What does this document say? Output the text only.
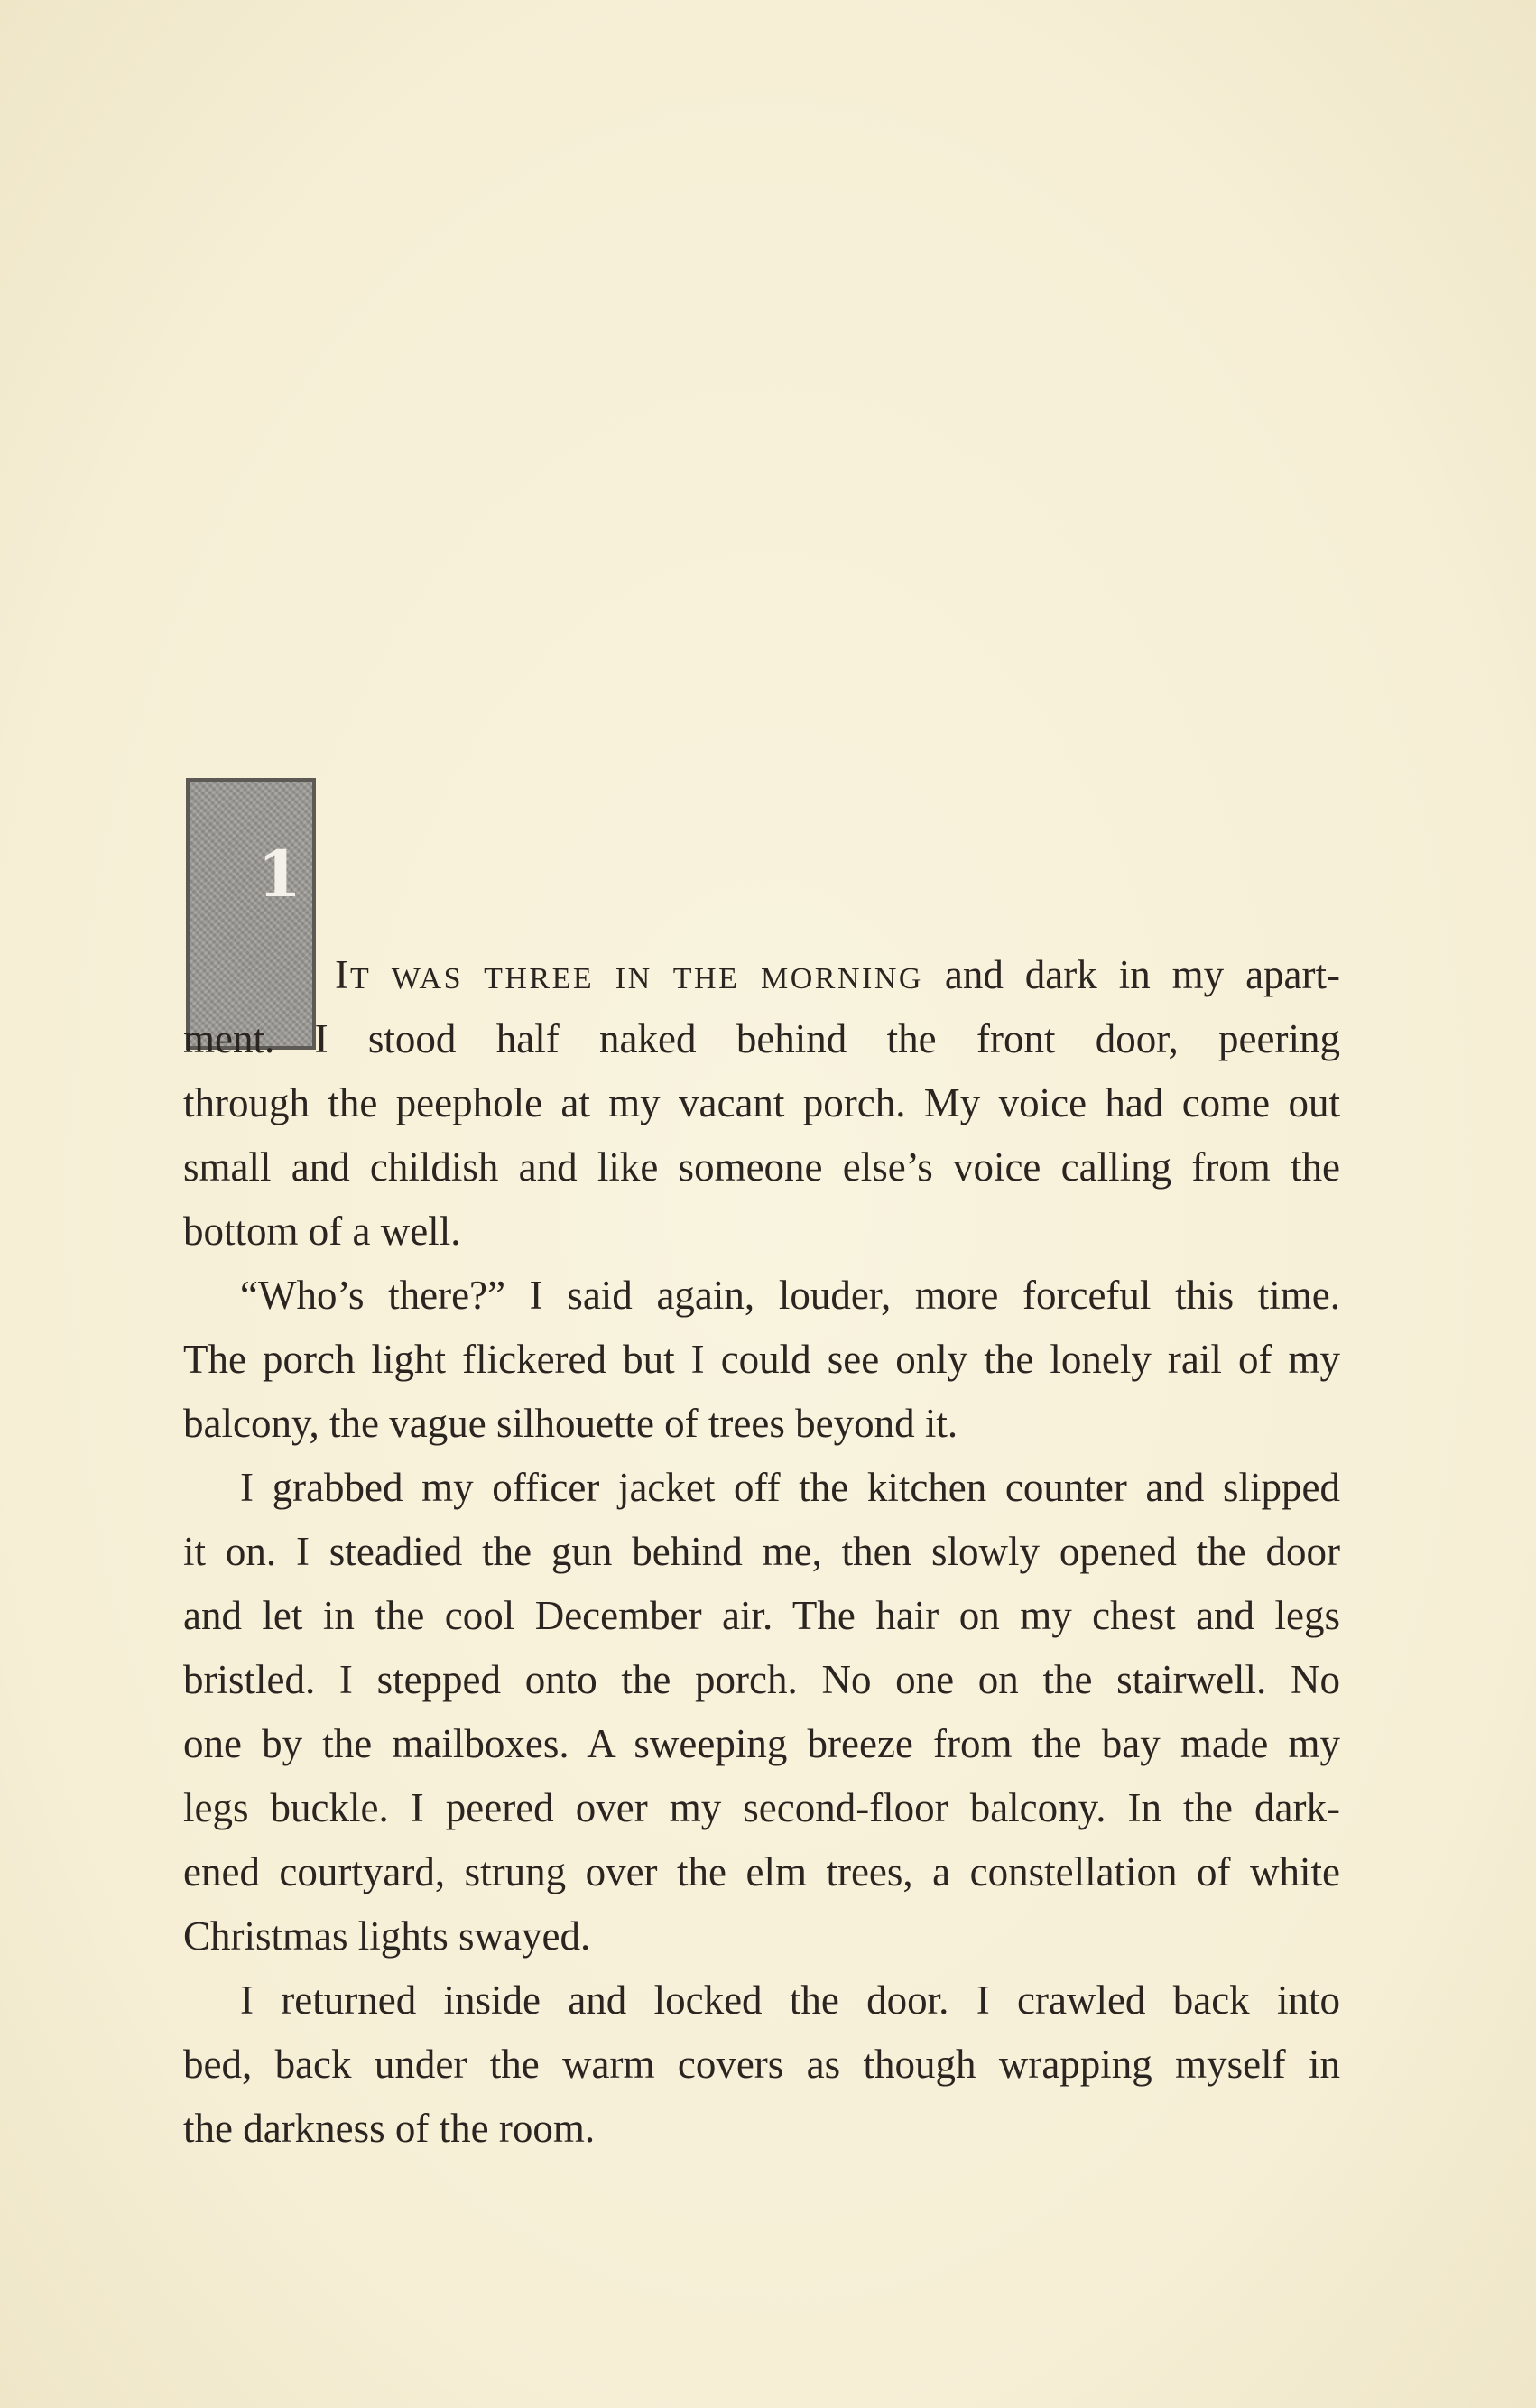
1
IT WAS THREE IN THE MORNING and dark in my apart-
ment. I stood half naked behind the front door, peering
through the peephole at my vacant porch. My voice had come out
small and childish and like someone else’s voice calling from the
bottom of a well.
“Who’s there?” I said again, louder, more forceful this time.
The porch light flickered but I could see only the lonely rail of my
balcony, the vague silhouette of trees beyond it.
I grabbed my officer jacket off the kitchen counter and slipped
it on. I steadied the gun behind me, then slowly opened the door
and let in the cool December air. The hair on my chest and legs
bristled. I stepped onto the porch. No one on the stairwell. No
one by the mailboxes. A sweeping breeze from the bay made my
legs buckle. I peered over my second-floor balcony. In the dark-
ened courtyard, strung over the elm trees, a constellation of white
Christmas lights swayed.
I returned inside and locked the door. I crawled back into
bed, back under the warm covers as though wrapping myself in
the darkness of the room.
